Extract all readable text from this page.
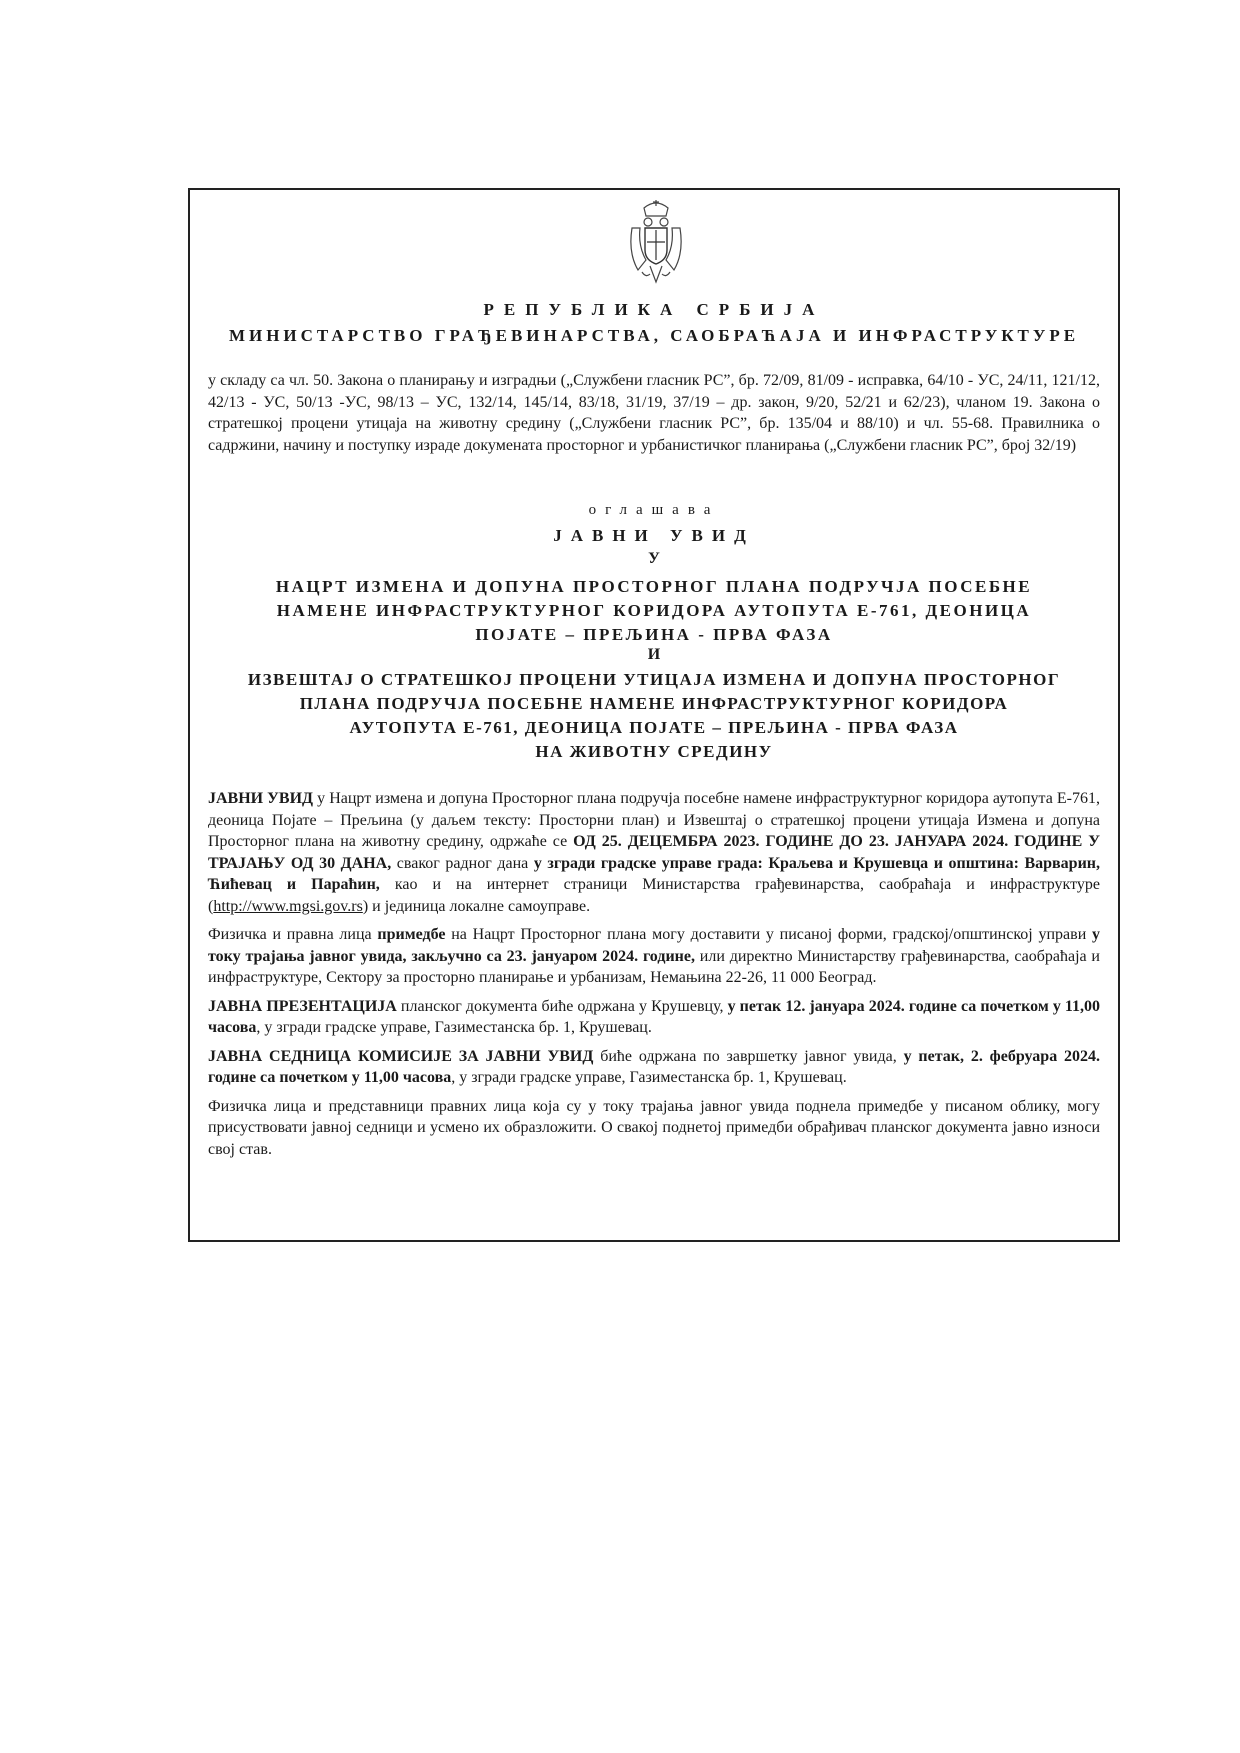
РЕПУБЛИКА СРБИЈА
МИНИСТАРСТВО ГРАЂЕВИНАРСТВА, САОБРАЋАЈА И ИНФРАСТРУКТУРЕ
у складу са чл. 50. Закона о планирању и изградњи („Службени гласник РС”, бр. 72/09, 81/09 - исправка, 64/10 - УС, 24/11, 121/12, 42/13 - УС, 50/13 -УС, 98/13 – УС, 132/14, 145/14, 83/18, 31/19, 37/19 – др. закон, 9/20, 52/21 и 62/23), чланом 19. Закона о стратешкој процени утицаја на животну средину („Службени гласник РС”, бр. 135/04 и 88/10) и чл. 55-68. Правилника о садржини, начину и поступку израде докумената просторног и урбанистичког планирања („Службени гласник РС”, број 32/19)
оглашава
ЈАВНИ УВИД
У
НАЦРТ ИЗМЕНА И ДОПУНА ПРОСТОРНОГ ПЛАНА ПОДРУЧЈА ПОСЕБНЕ
НАМЕНЕ ИНФРАСТРУКТУРНОГ КОРИДОРА АУТОПУТА Е-761, ДЕОНИЦА
ПОЈАТЕ – ПРЕЉИНА - ПРВА ФАЗА
И
ИЗВЕШТАЈ О СТРАТЕШКОЈ ПРОЦЕНИ УТИЦАЈА ИЗМЕНА И ДОПУНА ПРОСТОРНОГ
ПЛАНА ПОДРУЧЈА ПОСЕБНЕ НАМЕНЕ ИНФРАСТРУКТУРНОГ КОРИДОРА
АУТОПУТА Е-761, ДЕОНИЦА ПОЈАТЕ – ПРЕЉИНА - ПРВА ФАЗА
НА ЖИВОТНУ СРЕДИНУ

ЈАВНИ УВИД у Нацрт измена и допуна Просторног плана подручја посебне намене инфраструктурног коридора аутопута Е-761, деоница Појате – Прељина (у даљем тексту: Просторни план) и Извештај о стратешкој процени утицаја Измена и допуна Просторног плана на животну средину, одржаће се ОД 25. ДЕЦЕМБРА 2023. ГОДИНЕ ДО 23. ЈАНУАРА 2024. ГОДИНЕ У ТРАЈАЊУ ОД 30 ДАНА, сваког радног дана у згради градске управе града: Краљева и Крушевца и општина: Варварин, Ћићевац и Параћин, као и на интернет страници Министарства грађевинарства, саобраћаја и инфраструктуре (http://www.mgsi.gov.rs) и јединица локалне самоуправе.

Физичка и правна лица примедбе на Нацрт Просторног плана могу доставити у писаној форми, градској/општинској управи у току трајања јавног увида, закључно са 23. јануаром 2024. године, или директно Министарству грађевинарства, саобраћаја и инфраструктуре, Сектору за просторно планирање и урбанизам, Немањина 22-26, 11 000 Београд.

ЈАВНА ПРЕЗЕНТАЦИЈА планског документа биће одржана у Крушевцу, у петак 12. јануара 2024. године са почетком у 11,00 часова, у згради градске управе, Газиместанска бр. 1, Крушевац.

ЈАВНА СЕДНИЦА КОМИСИЈЕ ЗА ЈАВНИ УВИД биће одржана по завршетку јавног увида, у петак, 2. фебруара 2024. године са почетком у 11,00 часова, у згради градске управе, Газиместанска бр. 1, Крушевац.

Физичка лица и представници правних лица која су у току трајања јавног увида поднела примедбе у писаном облику, могу присуствовати јавној седници и усмено их образложити. О свакој поднетој примедби обрађивач планског документа јавно износи свој став.
